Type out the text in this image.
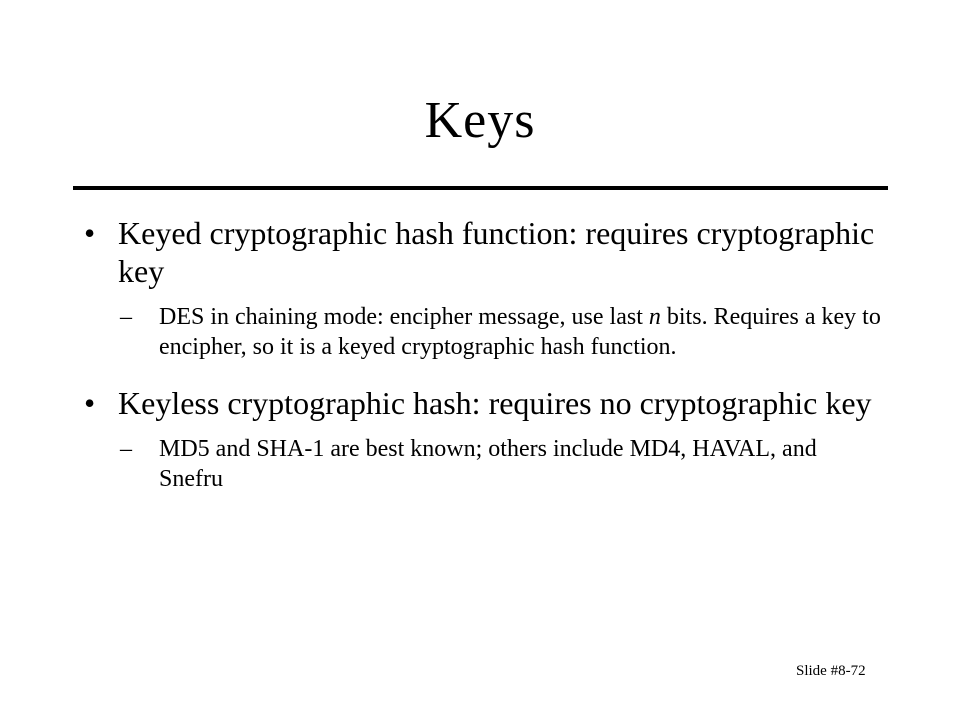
Keys
• Keyed cryptographic hash function: requires cryptographic key
– DES in chaining mode: encipher message, use last n bits. Requires a key to encipher, so it is a keyed cryptographic hash function.
• Keyless cryptographic hash: requires no cryptographic key
– MD5 and SHA-1 are best known; others include MD4, HAVAL, and Snefru
Slide #8-72
